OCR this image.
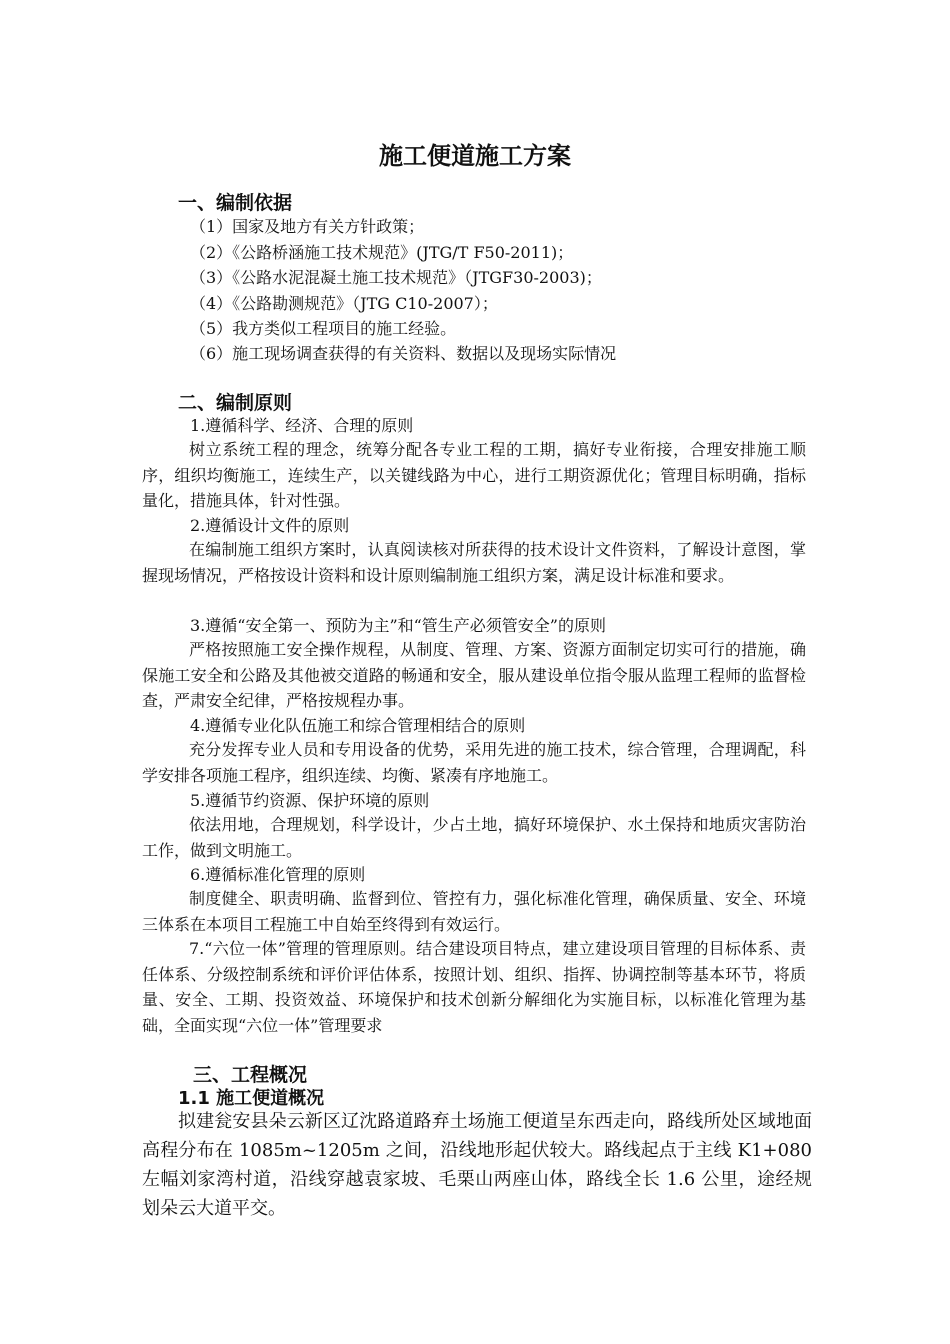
施工便道施工方案
一、编制依据
（1）国家及地方有关方针政策；
（2）《公路桥涵施工技术规范》(JTG/T F50-2011)；
（3）《公路水泥混凝土施工技术规范》（JTGF30-2003)；
（4）《公路勘测规范》（JTG C10-2007）；
（5）我方类似工程项目的施工经验。
（6）施工现场调查获得的有关资料、数据以及现场实际情况
二、编制原则
1.遵循科学、经济、合理的原则
树立系统工程的理念，统筹分配各专业工程的工期，搞好专业衔接，合理安排施工顺序，组织均衡施工，连续生产，以关键线路为中心，进行工期资源优化；管理目标明确，指标量化，措施具体，针对性强。
2.遵循设计文件的原则
在编制施工组织方案时，认真阅读核对所获得的技术设计文件资料，了解设计意图，掌握现场情况，严格按设计资料和设计原则编制施工组织方案，满足设计标准和要求。
3.遵循“安全第一、预防为主”和“管生产必须管安全”的原则
严格按照施工安全操作规程，从制度、管理、方案、资源方面制定切实可行的措施，确保施工安全和公路及其他被交道路的畅通和安全，服从建设单位指令服从监理工程师的监督检查，严肃安全纪律，严格按规程办事。
4.遵循专业化队伍施工和综合管理相结合的原则
充分发挥专业人员和专用设备的优势，采用先进的施工技术，综合管理，合理调配，科学安排各项施工程序，组织连续、均衡、紧凑有序地施工。
5.遵循节约资源、保护环境的原则
依法用地，合理规划，科学设计，少占土地，搞好环境保护、水土保持和地质灾害防治工作，做到文明施工。
6.遵循标准化管理的原则
制度健全、职责明确、监督到位、管控有力，强化标准化管理，确保质量、安全、环境三体系在本项目工程施工中自始至终得到有效运行。
7.“六位一体”管理的管理原则。结合建设项目特点，建立建设项目管理的目标体系、责任体系、分级控制系统和评价评估体系，按照计划、组织、指挥、协调控制等基本环节，将质量、安全、工期、投资效益、环境保护和技术创新分解细化为实施目标，以标准化管理为基础，全面实现“六位一体”管理要求
三、工程概况
1.1 施工便道概况
拟建瓮安县朵云新区辽沈路道路弃土场施工便道呈东西走向，路线所处区域地面高程分布在 1085m~1205m 之间，沿线地形起伏较大。路线起点于主线 K1+080 左幅刘家湾村道，沿线穿越袁家坡、毛栗山两座山体，路线全长 1.6 公里，途经规划朵云大道平交。
